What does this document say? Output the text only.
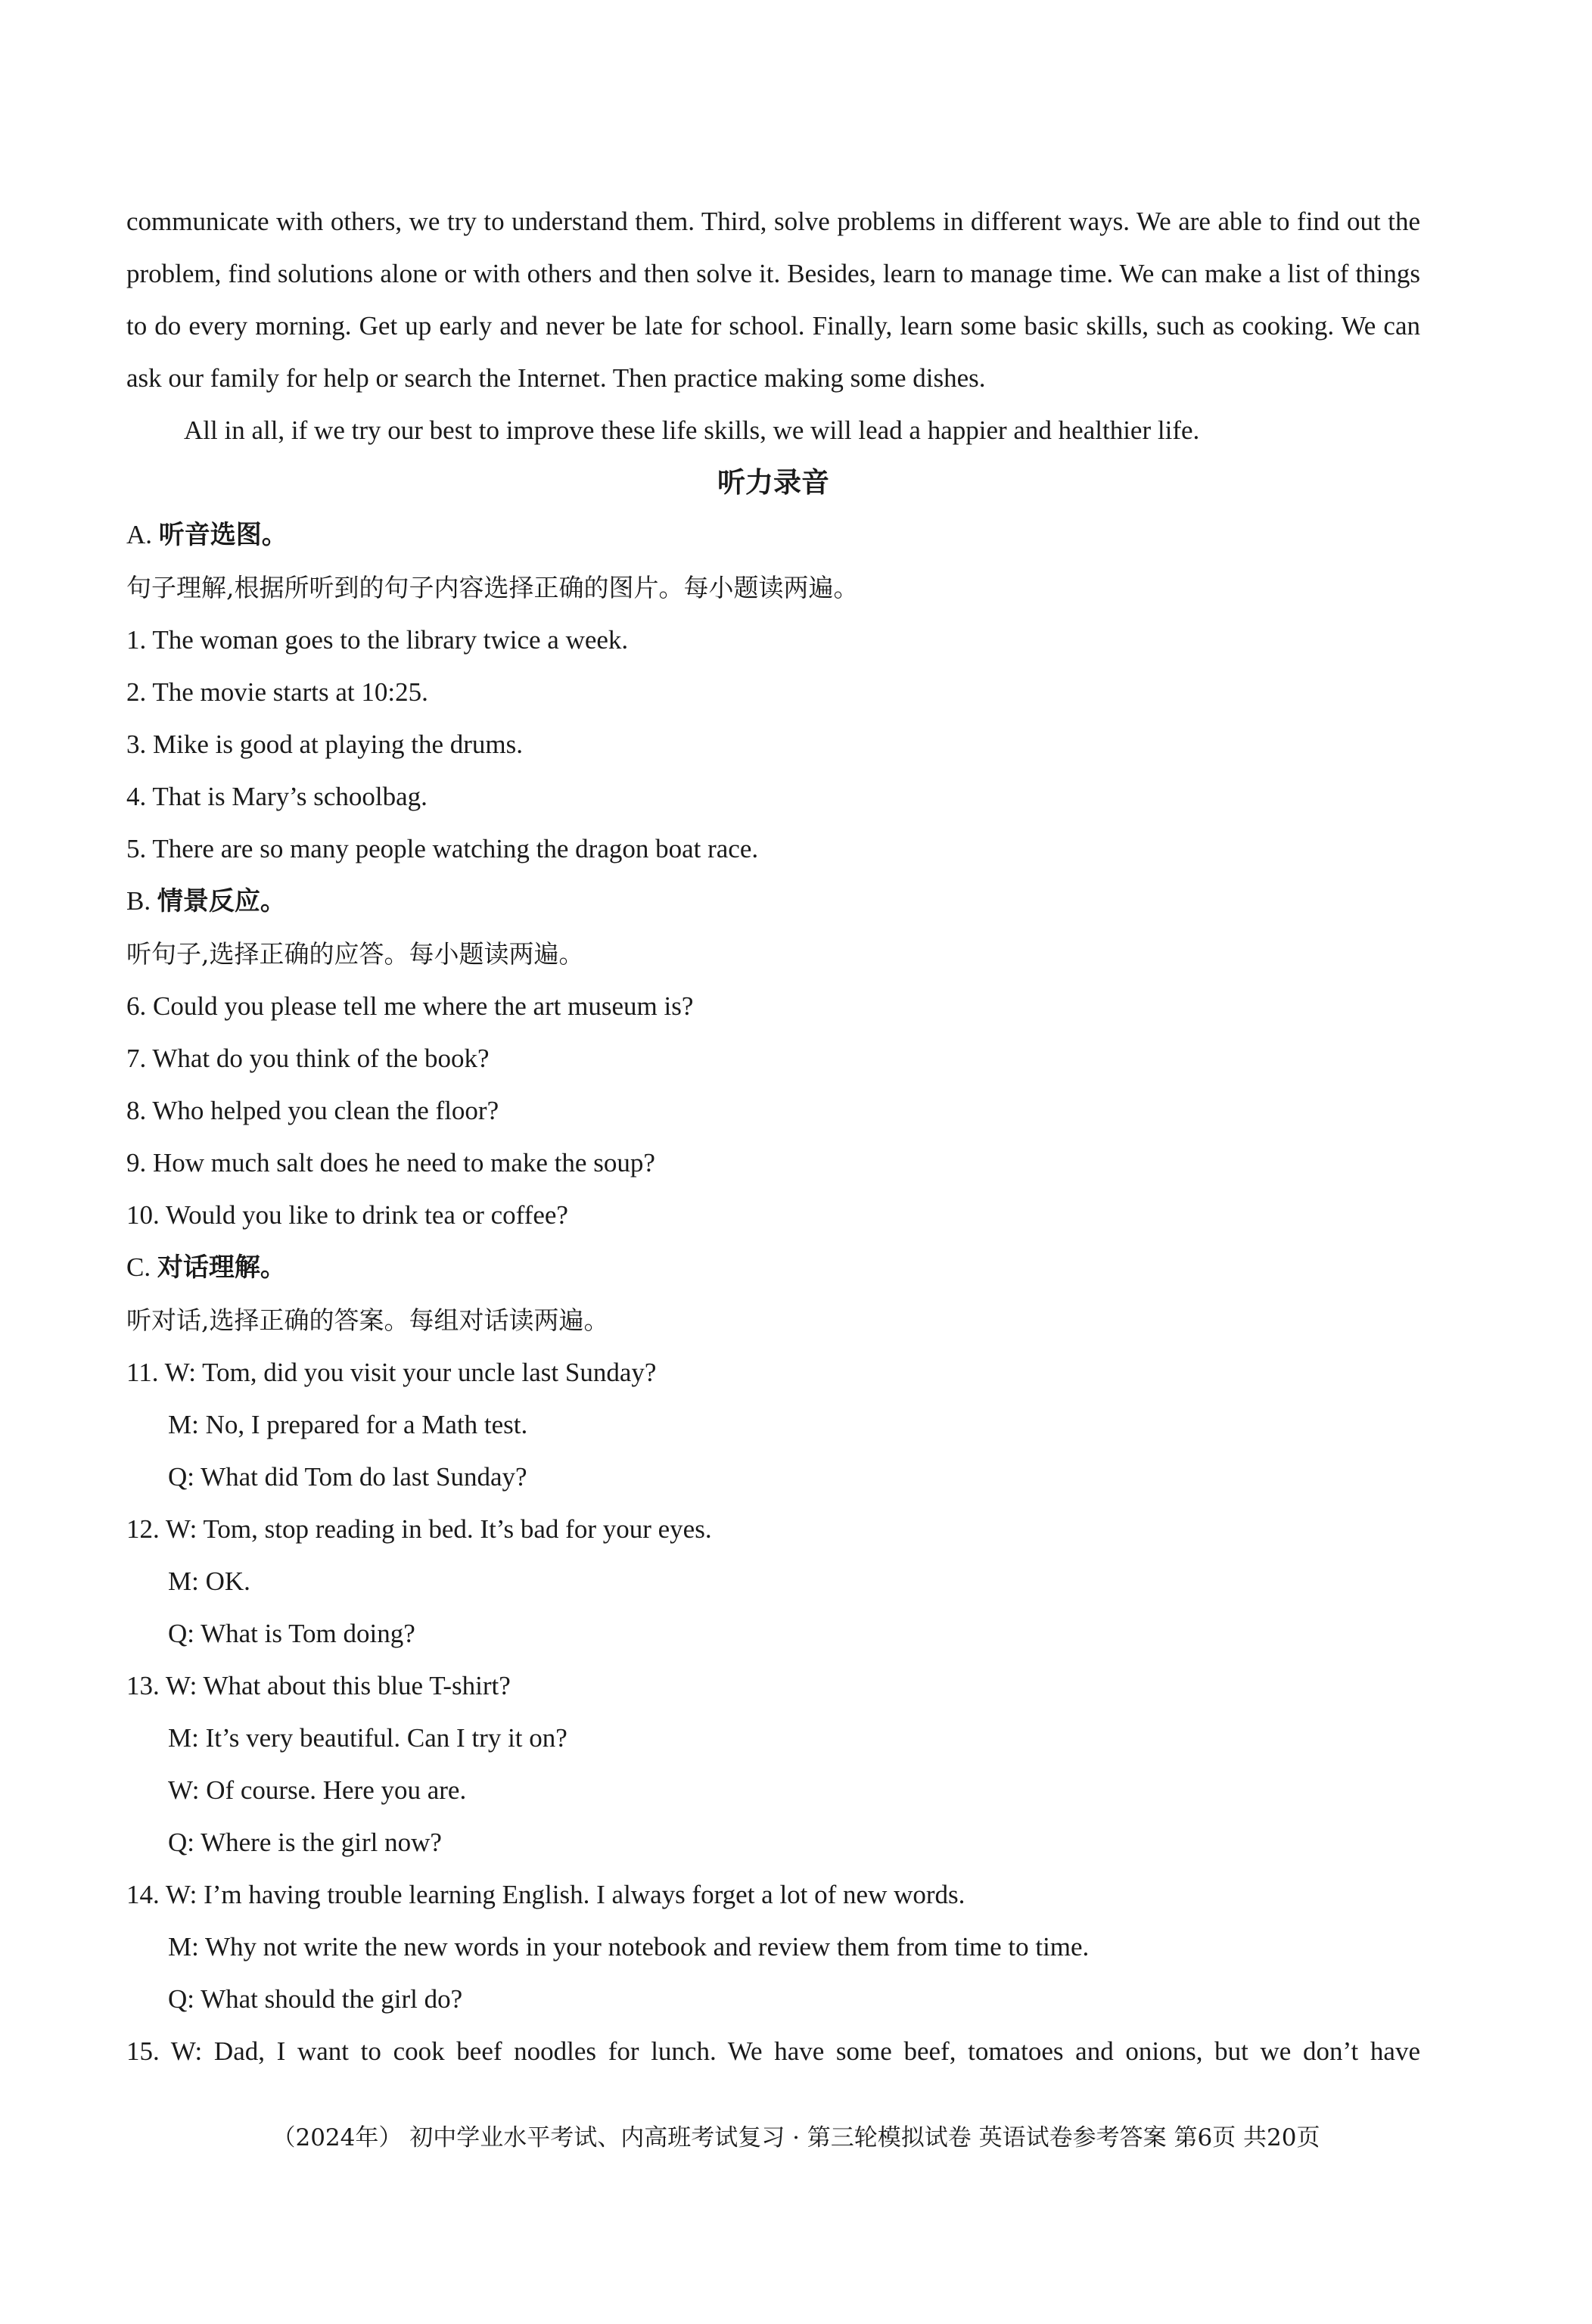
communicate with others, we try to understand them. Third, solve problems in different ways. We are able to find out the problem, find solutions alone or with others and then solve it. Besides, learn to manage time. We can make a list of things to do every morning. Get up early and never be late for school. Finally, learn some basic skills, such as cooking. We can ask our family for help or search the Internet. Then practice making some dishes.

All in all, if we try our best to improve these life skills, we will lead a happier and healthier life.

听力录音

A. 听音选图。

句子理解,根据所听到的句子内容选择正确的图片。每小题读两遍。

1. The woman goes to the library twice a week.

2. The movie starts at 10:25.

3. Mike is good at playing the drums.

4. That is Mary’s schoolbag.

5. There are so many people watching the dragon boat race.

B. 情景反应。

听句子,选择正确的应答。每小题读两遍。

6. Could you please tell me where the art museum is?

7. What do you think of the book?

8. Who helped you clean the floor?

9. How much salt does he need to make the soup?

10. Would you like to drink tea or coffee?

C. 对话理解。

听对话,选择正确的答案。每组对话读两遍。

11. W: Tom, did you visit your uncle last Sunday?

M: No, I prepared for a Math test.

Q: What did Tom do last Sunday?

12. W: Tom, stop reading in bed. It’s bad for your eyes.

M: OK.

Q: What is Tom doing?

13. W: What about this blue T-shirt?

M: It’s very beautiful. Can I try it on?

W: Of course. Here you are.

Q: Where is the girl now?

14. W: I’m having trouble learning English. I always forget a lot of new words.

M: Why not write the new words in your notebook and review them from time to time.

Q: What should the girl do?

15. W: Dad, I want to cook beef noodles for lunch. We have some beef, tomatoes and onions, but we don’t have

（2024年） 初中学业水平考试、内高班考试复习 · 第三轮模拟试卷 英语试卷参考答案 第6页 共20页
